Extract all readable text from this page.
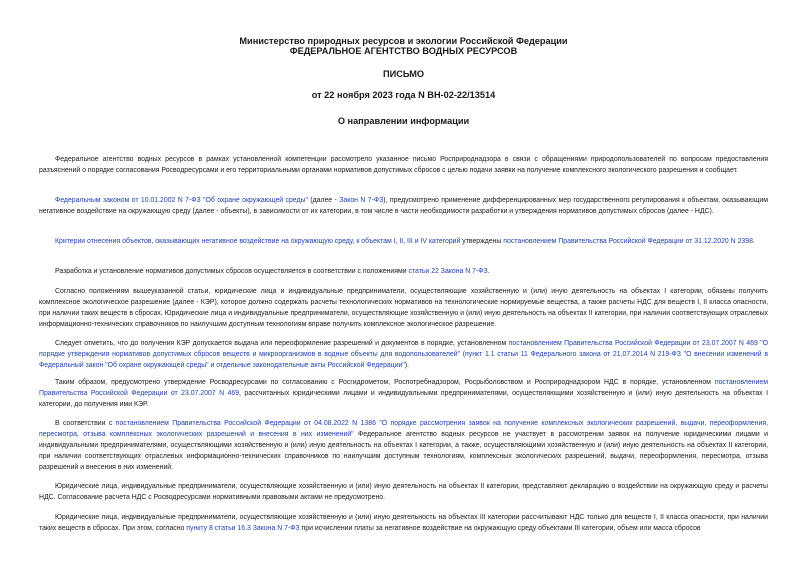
Министерство природных ресурсов и экологии Российской Федерации
ФЕДЕРАЛЬНОЕ АГЕНТСТВО ВОДНЫХ РЕСУРСОВ
ПИСЬМО
от 22 ноября 2023 года N ВН-02-22/13514
О направлении информации
Федеральное агентство водных ресурсов в рамках установленной компетенции рассмотрело указанное письмо Росприроднадзора в связи с обращениями природопользователей по вопросам предоставления разъяснений о порядке согласования Росводресурсами и его территориальными органами нормативов допустимых сбросов с целью подачи заявки на получение комплексного экологического разрешения и сообщает.
Федеральным законом от 10.01.2002 N 7-ФЗ "Об охране окружающей среды" (далее - Закон N 7-ФЗ), предусмотрено применение дифференцированных мер государственного регулирования к объектам, оказывающим негативное воздействие на окружающую среду (далее - объекты), в зависимости от их категории, в том числе в части необходимости разработки и утверждения нормативов допустимых сбросов (далее - НДС).
Критерии отнесения объектов, оказывающих негативное воздействие на окружающую среду, к объектам I, II, III и IV категорий утверждены постановлением Правительства Российской Федерации от 31.12.2020 N 2398.
Разработка и установление нормативов допустимых сбросов осуществляется в соответствии с положениями статьи 22 Закона N 7-ФЗ.
Согласно положениям вышеуказанной статьи, юридические лица и индивидуальные предприниматели, осуществляющие хозяйственную и (или) иную деятельность на объектах I категории, обязаны получить комплексное экологическое разрешение (далее - КЭР), которое должно содержать расчеты технологических нормативов на технологические нормируемые вещества, а также расчеты НДС для веществ I, II класса опасности, при наличии таких веществ в сбросах. Юридические лица и индивидуальные предприниматели, осуществляющие хозяйственную и (или) иную деятельность на объектах II категории, при наличии соответствующих отраслевых информационно-технических справочников по наилучшим доступным технологиям вправе получить комплексное экологическое разрешение.
Следует отметить, что до получения КЭР допускается выдача или переоформление разрешений и документов в порядке, установленном постановлением Правительства Российской Федерации от 23.07.2007 N 469 "О порядке утверждения нормативов допустимых сбросов веществ и микроорганизмов в водные объекты для водопользователей" (пункт 1.1 статьи 11 Федерального закона от 21.07.2014 N 219-ФЗ "О внесении изменений в Федеральный закон "Об охране окружающей среды" и отдельные законодательные акты Российской Федерации").
Таким образом, предусмотрено утверждение Росводресурсами по согласованию с Росгидрометом, Роспотребнадзором, Росрыболовством и Росприроднадзором НДС в порядке, установленном постановлением Правительства Российской Федерации от 23.07.2007 N 469, рассчитанных юридическими лицами и индивидуальными предпринимателями, осуществляющими хозяйственную и (или) иную деятельность на объектах I категории, до получения ими КЭР.
В соответствии с постановлением Правительства Российской Федерации от 04.08.2022 N 1386 "О порядке рассмотрения заявок на получение комплексных экологических разрешений, выдачи, переоформления, пересмотра, отзыва комплексных экологических разрешений и внесения в них изменений" Федеральное агентство водных ресурсов не участвует в рассмотрении заявок на получение юридическими лицами и индивидуальными предпринимателями, осуществляющими хозяйственную и (или) иную деятельность на объектах I категории, а также, осуществляющими хозяйственную и (или) иную деятельность на объектах II категории, при наличии соответствующих отраслевых информационно-технических справочников по наилучшим доступным технологиям, комплексных экологических разрешений, выдачи, переоформления, пересмотра, отзыва разрешений и внесения в них изменений.
Юридические лица, индивидуальные предприниматели, осуществляющие хозяйственную и (или) иную деятельность на объектах II категории, представляют декларацию о воздействии на окружающую среду и расчеты НДС. Согласование расчета НДС с Росводресурсами нормативными правовыми актами не предусмотрено.
Юридические лица, индивидуальные предприниматели, осуществляющие хозяйственную и (или) иную деятельность на объектах III категории рассчитывают НДС только для веществ I, II класса опасности, при наличии таких веществ в сбросах. При этом, согласно пункту 8 статьи 16.3 Закона N 7-ФЗ при исчислении платы за негативное воздействие на окружающую среду объектами III категории, объем или масса сбросов
